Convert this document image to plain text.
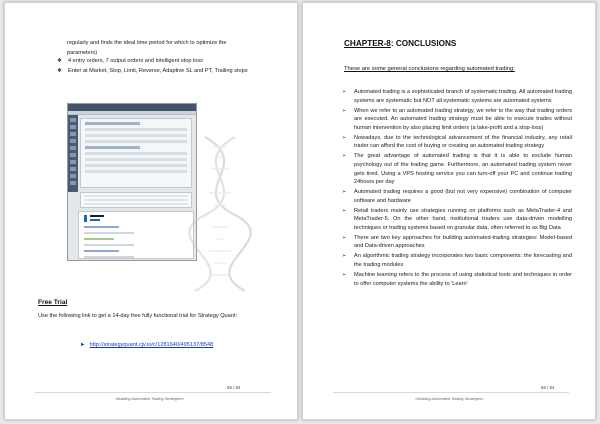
regularly and finds the ideal time period for which to optimize the

parameters)

❖ 4 entry orders, 7 output orders and intelligent stop loss
❖ Enter at Market, Stop, Limit, Reverse, Adaptive SL and PT, Trailing stops
Free Trial
Use the following link to get a 14-day free fully functional trial for Strategy Quant:
► http://strategyquant.cjv.io/c/1281640/495137/8548
65 / 84
«Building Automated Trading Strategies»
CHAPTER-8: CONCLUSIONS
These are some general conclusions regarding automated trading:
➢ Automated trading is a sophisticated branch of systematic trading. All automated trading systems are systematic but NOT all systematic systems are automated systems
➢ When we refer to an automated trading strategy, we refer to the way that trading orders are executed. An automated trading strategy must be able to execute trades without human intervention by also placing limit orders (a take-profit and a stop-loss)
➢ Nowadays, due to the technological advancement of the financial industry, any retail trader can afford the cost of buying or creating an automated trading strategy
➢ The great advantage of automated trading is that it is able to exclude human psychology out of the trading game. Furthermore, an automated trading system never gets tired. Using a VPS hosting service you can turn-off your PC and continue trading 24hours per day
➢ Automated trading requires a good (but not very expensive) combination of computer software and hardware
➢ Retail traders mainly use strategies running on platforms such as MetaTrader-4 and MetaTrader-5. On the other hand, institutional traders use data-driven modelling techniques or trading systems based on granular data, often referred to as Big Data
➢ There are two key approaches for building automated-trading strategies: Model-based and Data-driven approaches
➢ An algorithmic trading strategy incorporates two basic components: the forecasting and the trading modules
➢ Machine learning refers to the process of using statistical tools and techniques in order to offer computer systems the ability to 'Learn'
66 / 84
«Building Automated Trading Strategies»
